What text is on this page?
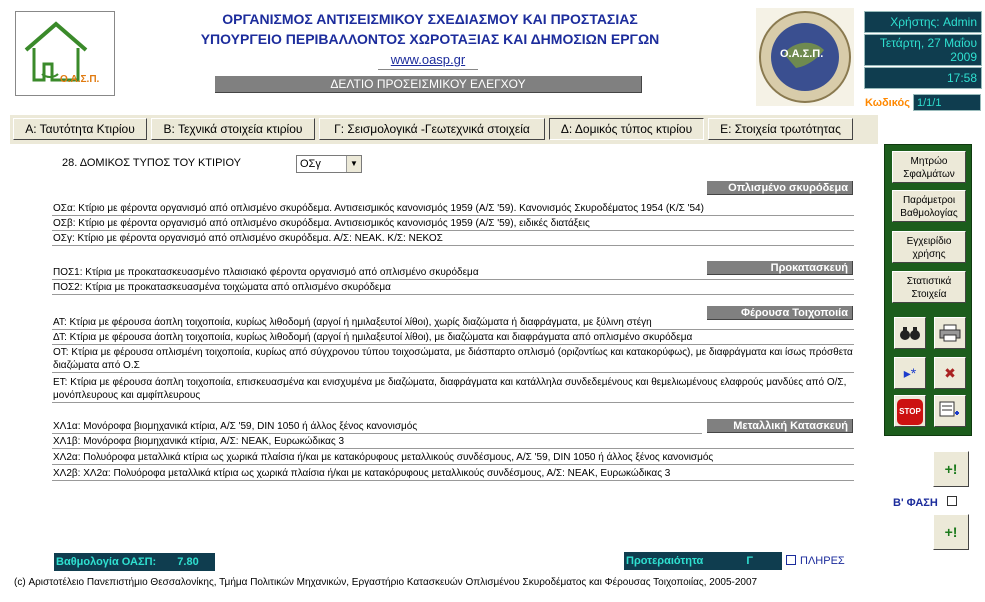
Ο.Α.Σ.Π.
ΟΡΓΑΝΙΣΜΟΣ ΑΝΤΙΣΕΙΣΜΙΚΟΥ ΣΧΕΔΙΑΣΜΟΥ ΚΑΙ ΠΡΟΣΤΑΣΙΑΣ
ΥΠΟΥΡΓΕΙΟ ΠΕΡΙΒΑΛΛΟΝΤΟΣ ΧΩΡΟΤΑΞΙΑΣ ΚΑΙ ΔΗΜΟΣΙΩΝ ΕΡΓΩΝ
www.oasp.gr
ΔΕΛΤΙΟ ΠΡΟΣΕΙΣΜΙΚΟΥ ΕΛΕΓΧΟΥ
Ο.Α.Σ.Π.
Χρήστης: Admin
Τετάρτη, 27 Μαΐου
2009
17:58
Κωδικός 1/1/1
Α: Ταυτότητα Κτιρίου	Β: Τεχνικά στοιχεία κτιρίου	Γ: Σεισμολογικά -Γεωτεχνικά στοιχεία	Δ: Δομικός τύπος κτιρίου	Ε: Στοιχεία τρωτότητας
28. ΔΟΜΙΚΟΣ ΤΥΠΟΣ ΤΟΥ ΚΤΙΡΙΟΥ	ΟΣγ	▼
Οπλισμένο σκυρόδεμα
ΟΣα: Κτίριο με φέροντα οργανισμό από οπλισμένο σκυρόδεμα. Αντισεισμικός κανονισμός 1959 (Α/Σ '59). Κανονισμός Σκυροδέματος 1954 (Κ/Σ '54)
ΟΣβ: Κτίριο με φέροντα οργανισμό από οπλισμένο σκυρόδεμα. Αντισεισμικός κανονισμός 1959 (Α/Σ '59), ειδικές διατάξεις
ΟΣγ: Κτίριο με φέροντα οργανισμό από οπλισμένο σκυρόδεμα. Α/Σ: ΝΕΑΚ. Κ/Σ: ΝΕΚΟΣ
Προκατασκευή
ΠΟΣ1: Κτίρια με προκατασκευασμένο πλαισιακό φέροντα οργανισμό από οπλισμένο σκυρόδεμα
ΠΟΣ2: Κτίρια με προκατασκευασμένα τοιχώματα από οπλισμένο σκυρόδεμα
Φέρουσα Τοιχοποιία
ΑΤ: Κτίρια με φέρουσα άοπλη τοιχοποιία, κυρίως λιθοδομή (αργοί ή ημιλαξευτοί λίθοι), χωρίς διαζώματα ή διαφράγματα, με ξύλινη στέγη
ΔΤ: Κτίρια με φέρουσα άοπλη τοιχοποιία, κυρίως λιθοδομή (αργοί ή ημιλαξευτοί λίθοι), με διαζώματα και διαφράγματα από οπλισμένο σκυρόδεμα
ΟΤ: Κτίρια με φέρουσα οπλισμένη τοιχοποιία, κυρίως από σύγχρονου τύπου τοιχοσώματα, με διάσπαρτο οπλισμό (οριζοντίως και κατακορύφως), με διαφράγματα και ίσως πρόσθετα διαζώματα από Ο.Σ
ΕΤ: Κτίρια με φέρουσα άοπλη τοιχοποιία, επισκευασμένα και ενισχυμένα με διαζώματα, διαφράγματα και κατάλληλα συνδεδεμένους και θεμελιωμένους ελαφρούς μανδύες από Ο/Σ, μονόπλευρους και αμφίπλευρους
Μεταλλική Κατασκευή
ΧΛ1α: Μονόροφα βιομηχανικά κτίρια, Α/Σ '59, DIN 1050 ή άλλος ξένος κανονισμός
ΧΛ1β: Μονόροφα βιομηχανικά κτίρια, Α/Σ: ΝΕΑΚ, Ευρωκώδικας 3
ΧΛ2α: Πολυόροφα μεταλλικά κτίρια ως χωρικά πλαίσια ή/και με κατακόρυφους μεταλλικούς συνδέσμους, Α/Σ '59, DIN 1050 ή άλλος ξένος κανονισμός
ΧΛ2β: ΧΛ2α: Πολυόροφα μεταλλικά κτίρια ως χωρικά πλαίσια ή/και με κατακόρυφους μεταλλικούς συνδέσμους, Α/Σ: ΝΕΑΚ, Ευρωκώδικας 3
Μητρώο Σφαλμάτων
Παράμετροι Βαθμολογίας
Εγχειρίδιο χρήσης
Στατιστικά Στοιχεία
▸*	✖
STOP
+!
Β' ΦΑΣΗ
+!
Βαθμολογία ΟΑΣΠ: 7.80	Προτεραιότητα	Γ	ΠΛΗΡΕΣ
(c) Αριστοτέλειο Πανεπιστήμιο Θεσσαλονίκης, Τμήμα Πολιτικών Μηχανικών, Εργαστήριο Κατασκευών Οπλισμένου Σκυροδέματος και Φέρουσας Τοιχοποιίας, 2005-2007
